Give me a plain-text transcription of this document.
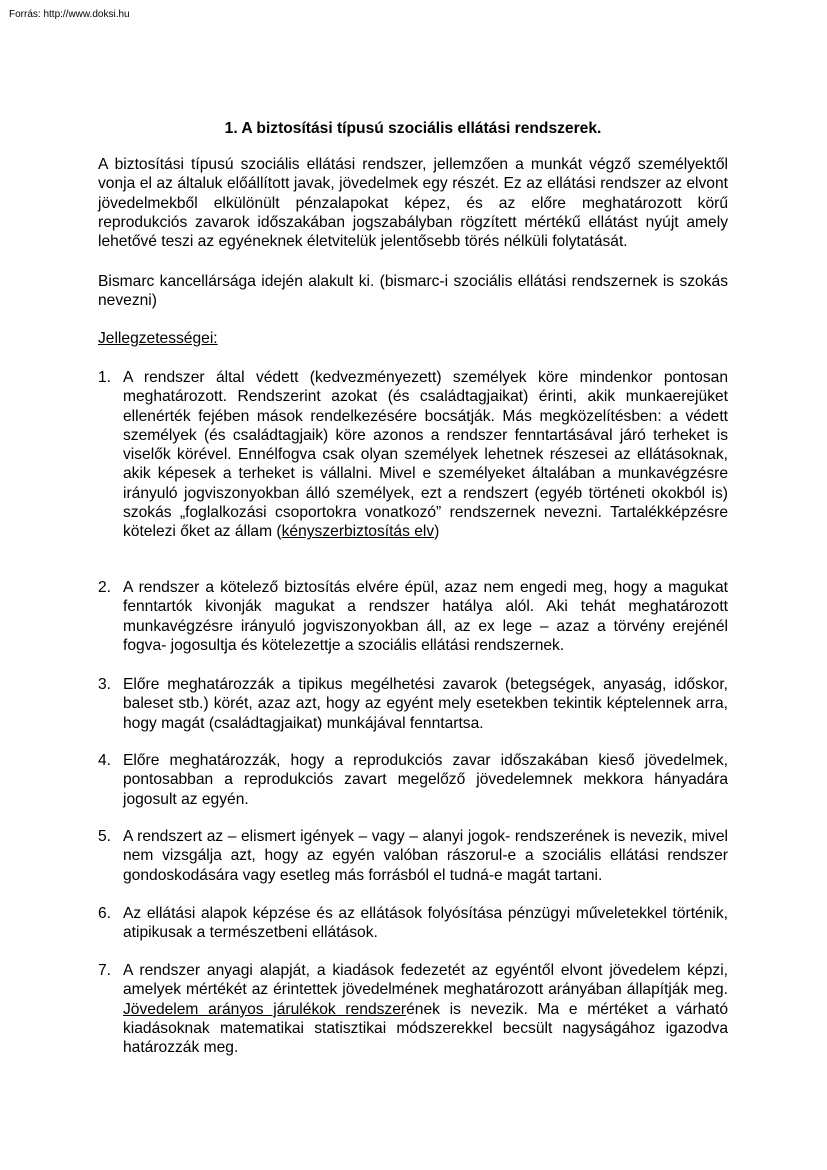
Forrás: http://www.doksi.hu

1. A biztosítási típusú szociális ellátási rendszerek.

A biztosítási típusú szociális ellátási rendszer, jellemzően a munkát végző személyektől vonja el az általuk előállított javak, jövedelmek egy részét. Ez az ellátási rendszer az elvont jövedelmekből elkülönült pénzalapokat képez, és az előre meghatározott körű reprodukciós zavarok időszakában jogszabályban rögzített mértékű ellátást nyújt amely lehetővé teszi az egyéneknek életvitelük jelentősebb törés nélküli folytatását.

Bismarc kancellársága idején alakult ki. (bismarc-i szociális ellátási rendszernek is szokás nevezni)

Jellegzetességei:

1. A rendszer által védett (kedvezményezett) személyek köre mindenkor pontosan meghatározott. Rendszerint azokat (és családtagjaikat) érinti, akik munkaerejüket ellenérték fejében mások rendelkezésére bocsátják. Más megközelítésben: a védett személyek (és családtagjaik) köre azonos a rendszer fenntartásával járó terheket is viselők körével. Ennélfogva csak olyan személyek lehetnek részesei az ellátásoknak, akik képesek a terheket is vállalni. Mivel e személyeket általában a munkavégzésre irányuló jogviszonyokban álló személyek, ezt a rendszert (egyéb történeti okokból is) szokás „foglalkozási csoportokra vonatkozó” rendszernek nevezni. Tartalékképzésre kötelezi őket az állam (kényszerbiztosítás elv)
2. A rendszer a kötelező biztosítás elvére épül, azaz nem engedi meg, hogy a magukat fenntartók kivonják magukat a rendszer hatálya alól. Aki tehát meghatározott munkavégzésre irányuló jogviszonyokban áll, az ex lege – azaz a törvény erejénél fogva- jogosultja és kötelezettje a szociális ellátási rendszernek.
3. Előre meghatározzák a tipikus megélhetési zavarok (betegségek, anyaság, időskor, baleset stb.) körét, azaz azt, hogy az egyént mely esetekben tekintik képtelennek arra, hogy magát (családtagjaikat) munkájával fenntartsa.
4. Előre meghatározzák, hogy a reprodukciós zavar időszakában kieső jövedelmek, pontosabban a reprodukciós zavart megelőző jövedelemnek mekkora hányadára jogosult az egyén.
5. A rendszert az – elismert igények – vagy – alanyi jogok- rendszerének is nevezik, mivel nem vizsgálja azt, hogy az egyén valóban rászorul-e a szociális ellátási rendszer gondoskodására vagy esetleg más forrásból el tudná-e magát tartani.
6. Az ellátási alapok képzése és az ellátások folyósítása pénzügyi műveletekkel történik, atipikusak a természetbeni ellátások.
7. A rendszer anyagi alapját, a kiadások fedezetét az egyéntől elvont jövedelem képzi, amelyek mértékét az érintettek jövedelmének meghatározott arányában állapítják meg. Jövedelem arányos járulékok rendszerének is nevezik. Ma e mértéket a várható kiadásoknak matematikai statisztikai módszerekkel becsült nagyságához igazodva határozzák meg.
